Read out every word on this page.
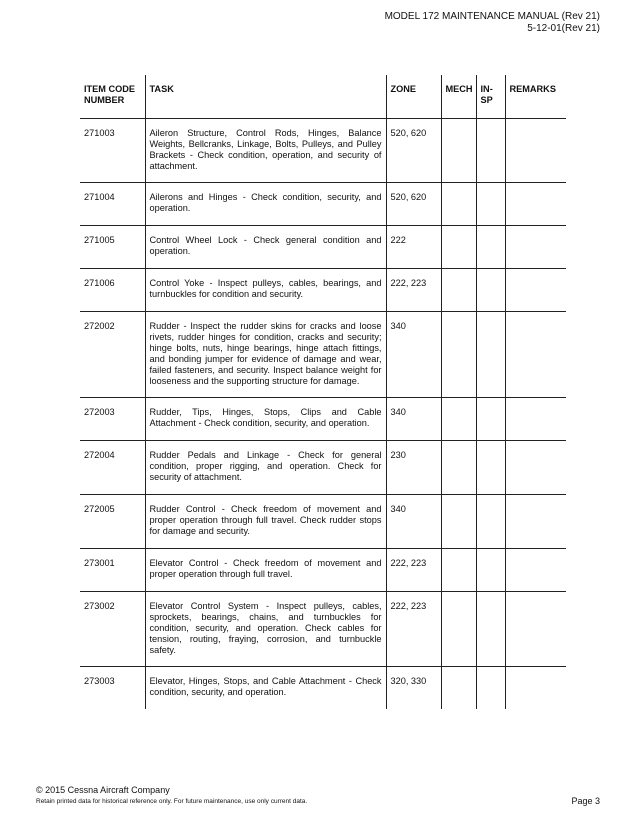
MODEL 172 MAINTENANCE MANUAL (Rev 21)
5-12-01(Rev 21)
ITEM CODE NUMBER	TASK	ZONE	MECH	IN-SP	REMARKS
271003	Aileron Structure, Control Rods, Hinges, Balance Weights, Bellcranks, Linkage, Bolts, Pulleys, and Pulley Brackets - Check condition, operation, and security of attachment.	520, 620			
271004	Ailerons and Hinges - Check condition, security, and operation.	520, 620			
271005	Control Wheel Lock - Check general condition and operation.	222			
271006	Control Yoke - Inspect pulleys, cables, bearings, and turnbuckles for condition and security.	222, 223			
272002	Rudder - Inspect the rudder skins for cracks and loose rivets, rudder hinges for condition, cracks and security; hinge bolts, nuts, hinge bearings, hinge attach fittings, and bonding jumper for evidence of damage and wear, failed fasteners, and security. Inspect balance weight for looseness and the supporting structure for damage.	340			
272003	Rudder, Tips, Hinges, Stops, Clips and Cable Attachment - Check condition, security, and operation.	340			
272004	Rudder Pedals and Linkage - Check for general condition, proper rigging, and operation. Check for security of attachment.	230			
272005	Rudder Control - Check freedom of movement and proper operation through full travel. Check rudder stops for damage and security.	340			
273001	Elevator Control - Check freedom of movement and proper operation through full travel.	222, 223			
273002	Elevator Control System - Inspect pulleys, cables, sprockets, bearings, chains, and turnbuckles for condition, security, and operation. Check cables for tension, routing, fraying, corrosion, and turnbuckle safety.	222, 223			
273003	Elevator, Hinges, Stops, and Cable Attachment - Check condition, security, and operation.	320, 330			
© 2015 Cessna Aircraft Company
Retain printed data for historical reference only. For future maintenance, use only current data.	Page 3
